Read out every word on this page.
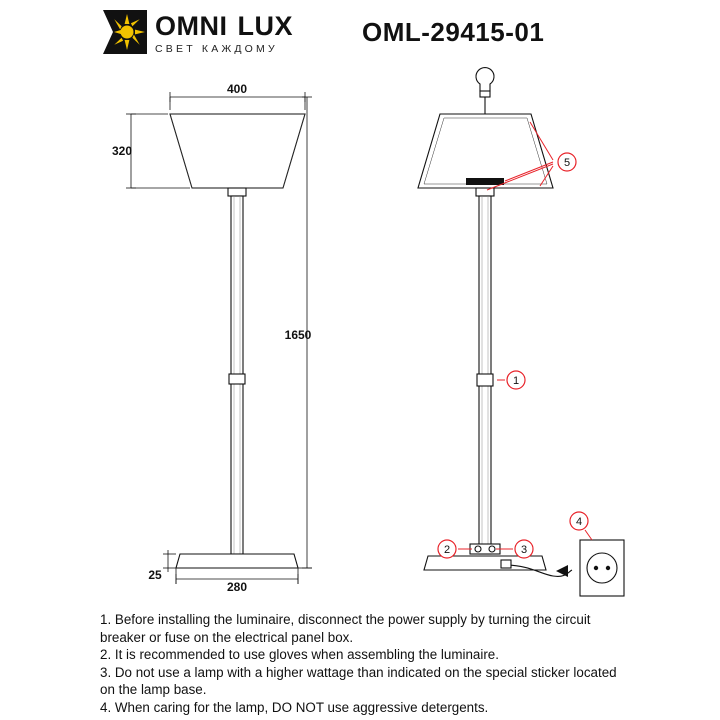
OMNI LUX
СВЕТ КАЖДОМУ
OML-29415-01
5
1
2	3
4
400
320
1650
280
25

1. Before installing the luminaire, disconnect the power supply by turning the circuit breaker or fuse on the electrical panel box.

2. It is recommended to use gloves when assembling the luminaire.

3. Do not use a lamp with a higher wattage than indicated on the special sticker located on the lamp base.

4. When caring for the lamp, DO NOT use aggressive detergents.
